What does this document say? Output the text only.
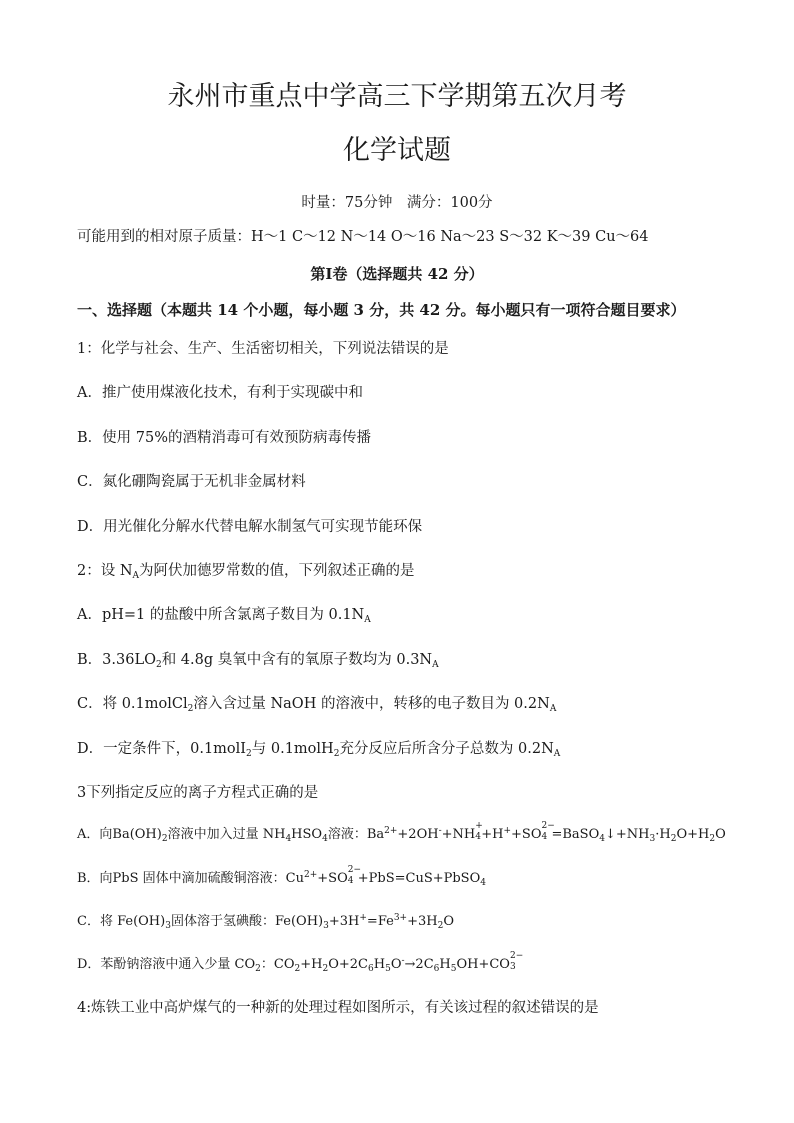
永州市重点中学高三下学期第五次月考
化学试题
时量：75分钟　满分：100分
可能用到的相对原子质量：H～1 C～12 N～14 O～16 Na～23 S～32 K～39 Cu～64
第Ⅰ卷（选择题共 42 分）
一、选择题（本题共 14 个小题，每小题 3 分，共 42 分。每小题只有一项符合题目要求）
1：化学与社会、生产、生活密切相关，下列说法错误的是
A．推广使用煤液化技术，有利于实现碳中和
B．使用 75%的酒精消毒可有效预防病毒传播
C．氮化硼陶瓷属于无机非金属材料
D．用光催化分解水代替电解水制氢气可实现节能环保
2：设 $N_A$为阿伏加德罗常数的值，下列叙述正确的是
A．pH=1 的盐酸中所含氯离子数目为 $0.1N_A$
B．$3.36LO_2$和 4.8g 臭氧中含有的氧原子数均为 $0.3N_A$
C．将 0.1molCl$_2$溶入含过量 NaOH 的溶液中，转移的电子数目为 $0.2N_A$
D．一定条件下，0.1molI$_2$与 0.1molH$_2$充分反应后所含分子总数为 $0.2N_A$
3下列指定反应的离子方程式正确的是
A．向$Ba(OH)_2$溶液中加入过量 $NH_4HSO_4$溶液：$Ba^{2+}+2OH^-+NH$
+
4 +H++SO
2−
$4 =BaSO_4↓+NH_3\cdot H_2O+H_2O$
B．向PbS 固体中滴加硫酸铜溶液：$Cu^{2+}+SO$
2−
4 +PbS=CuS+PbSO$_4$
C．将 $Fe(OH)_3$固体溶于氢碘酸：$Fe(OH)_3+3H^+=Fe^{3+}+3H_2O$
D．苯酚钠溶液中通入少量 $CO_2$：$CO_2+H_2O+2C_6H_5O^-\to 2C_6H_5OH+CO$
2−
3
4:炼铁工业中高炉煤气的一种新的处理过程如图所示，有关该过程的叙述错误的是
